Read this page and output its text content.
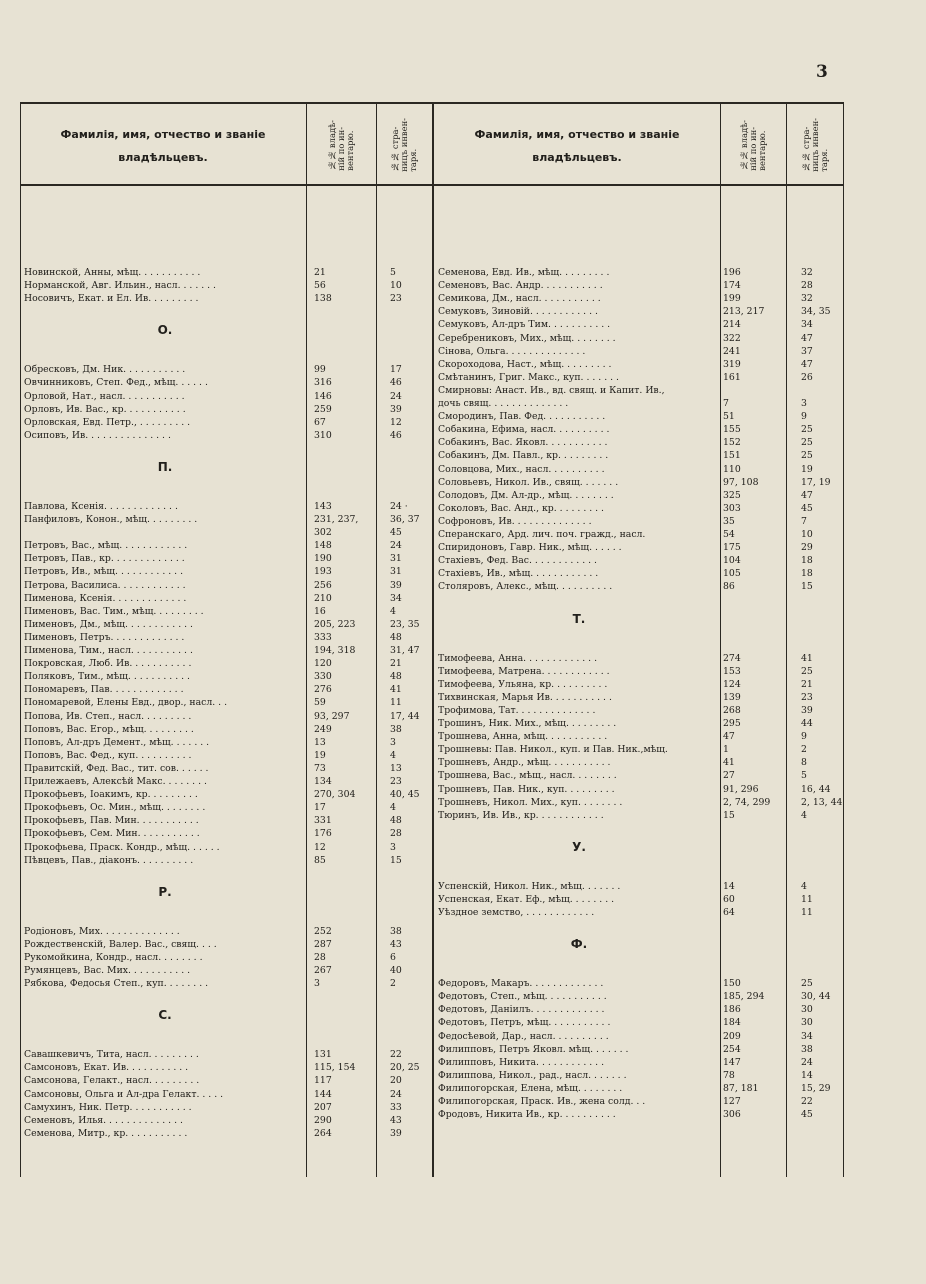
3
Фамилія, имя, отчество и званіе
владѣльцевъ.	№№ владѣ-
ній по ин-
вентарю.	№№ стра-
ницъ инвен-
таря.
Фамилія, имя, отчество и званіе
владѣльцевъ.	№№ владѣ-
ній по ин-
вентарю.	№№ стра-
ницъ инвен-
таря.
Новинской, Анны, мѣщ. . . . . . . . . . .	21	5
Норманской, Авг. Ильин., насл. . . . . . .	56	10
Носовичъ, Екат. и Ел. Ив. . . . . . . . .	138	23
О.
Обресковъ, Дм. Ник. . . . . . . . . . .	99	17
Овчинниковъ, Степ. Фед., мѣщ. . . . . .	316	46
Орловой, Нат., насл. . . . . . . . . . .	146	24
Орловъ, Ив. Вас., кр. . . . . . . . . . .	259	39
Орловская, Евд. Петр., . . . . . . . . .	67	12
Осиповъ, Ив. . . . . . . . . . . . . . .	310	46
П.
Павлова, Ксенія. . . . . . . . . . . . .	143	24 ·
Панфиловъ, Конон., мѣщ. . . . . . . . .	231, 237,	36, 37
302	45
Петровъ, Вас., мѣщ. . . . . . . . . . . .	148	24
Петровъ, Пав., кр. . . . . . . . . . . . .	190	31
Петровъ, Ив., мѣщ. . . . . . . . . . . .	193	31
Петрова, Василиса. . . . . . . . . . . .	256	39
Пименова, Ксенія. . . . . . . . . . . . .	210	34
Пименовъ, Вас. Тим., мѣщ. . . . . . . . .	16	4
Пименовъ, Дм., мѣщ. . . . . . . . . . . .	205, 223	23, 35
Пименовъ, Петръ. . . . . . . . . . . . .	333	48
Пименова, Тим., насл. . . . . . . . . . .	194, 318	31, 47
Покровская, Люб. Ив. . . . . . . . . . .	120	21
Поляковъ, Тим., мѣщ. . . . . . . . . . .	330	48
Пономаревъ, Пав. . . . . . . . . . . . .	276	41
Пономаревой, Елены Евд., двор., насл. . .	59	11
Попова, Ив. Степ., насл. . . . . . . . .	93, 297	17, 44
Поповъ, Вас. Егор., мѣщ. . . . . . . . .	249	38
Поповъ, Ал-дръ Демент., мѣщ. . . . . . .	13	3
Поповъ, Вас. Фед., куп. . . . . . . . . .	19	4
Правитскій, Фед. Вас., тит. сов. . . . . .	73	13
Прилежаевъ, Алексѣй Макс. . . . . . . .	134	23
Прокофьевъ, Іоакимъ, кр. . . . . . . . .	270, 304	40, 45
Прокофьевъ, Ос. Мин., мѣщ. . . . . . . .	17	4
Прокофьевъ, Пав. Мин. . . . . . . . . . .	331	48
Прокофьевъ, Сем. Мин. . . . . . . . . . .	176	28
Прокофьева, Праск. Кондр., мѣщ. . . . . .	12	3
Пѣвцевъ, Пав., діаконъ. . . . . . . . . .	85	15
Р.
Родіоновъ, Мих. . . . . . . . . . . . . .	252	38
Рождественскій, Валер. Вас., свящ. . . .	287	43
Рукомойкина, Кондр., насл. . . . . . . .	28	6
Румянцевъ, Вас. Мих. . . . . . . . . . .	267	40
Рябкова, Федосья Степ., куп. . . . . . . .	3	2
С.
Савашкевичъ, Тита, насл. . . . . . . . .	131	22
Самсоновъ, Екат. Ив. . . . . . . . . . .	115, 154	20, 25
Самсонова, Гелакт., насл. . . . . . . . .	117	20
Самсоновы, Ольга и Ал-дра Гелакт. . . . .	144	24
Самухинъ, Ник. Петр. . . . . . . . . . .	207	33
Семеновъ, Илья. . . . . . . . . . . . . .	290	43
Семенова, Митр., кр. . . . . . . . . . .	264	39
Семенова, Евд. Ив., мѣщ. . . . . . . . .	196	32
Семеновъ, Вас. Андр. . . . . . . . . . .	174	28
Семикова, Дм., насл. . . . . . . . . . .	199	32
Семуковъ, Зиновій. . . . . . . . . . . .	213, 217	34, 35
Семуковъ, Ал-дръ Тим. . . . . . . . . . .	214	34
Серебрениковъ, Мих., мѣщ. . . . . . . .	322	47
Сінова, Ольга. . . . . . . . . . . . . .	241	37
Скороходова, Наст., мѣщ. . . . . . . . .	319	47
Смѣтанинъ, Григ. Макс., куп. . . . . . .	161	26
Смирновы: Анаст. Ив., вд. свящ. и Капит. Ив.,
дочь свящ. . . . . . . . . . . . . .	7	3
Смородинъ, Пав. Фед. . . . . . . . . . .	51	9
Собакина, Ефима, насл. . . . . . . . . .	155	25
Собакинъ, Вас. Яковл. . . . . . . . . . .	152	25
Собакинъ, Дм. Павл., кр. . . . . . . . .	151	25
Соловцова, Мих., насл. . . . . . . . . .	110	19
Соловьевъ, Никол. Ив., свящ. . . . . . .	97, 108	17, 19
Солодовъ, Дм. Ал-др., мѣщ. . . . . . . .	325	47
Соколовъ, Вас. Анд., кр. . . . . . . . .	303	45
Софроновъ, Ив. . . . . . . . . . . . . .	35	7
Сперанскаго, Ард. лич. поч. гражд., насл.	54	10
Спиридоновъ, Гавр. Ник., мѣщ. . . . . .	175	29
Стахіевъ, Фед. Вас. . . . . . . . . . . .	104	18
Стахіевъ, Ив., мѣщ. . . . . . . . . . . .	105	18
Столяровъ, Алекс., мѣщ. . . . . . . . . .	86	15
Т.
Тимофеева, Анна. . . . . . . . . . . . .	274	41
Тимофеева, Матрена. . . . . . . . . . . .	153	25
Тимофеева, Ульяна, кр. . . . . . . . . .	124	21
Тихвинская, Марья Ив. . . . . . . . . . .	139	23
Трофимова, Тат. . . . . . . . . . . . . .	268	39
Трошинъ, Ник. Мих., мѣщ. . . . . . . . .	295	44
Трошнева, Анна, мѣщ. . . . . . . . . . .	47	9
Трошневы: Пав. Никол., куп. и Пав. Ник.,мѣщ.	1	2
Трошневъ, Андр., мѣщ. . . . . . . . . . .	41	8
Трошнева, Вас., мѣщ., насл. . . . . . . .	27	5
Трошневъ, Пав. Ник., куп. . . . . . . . .	91, 296	16, 44
Трошневъ, Никол. Мих., куп. . . . . . . .	2, 74, 299	2, 13, 44
Тюринъ, Ив. Ив., кр. . . . . . . . . . . .	15	4
У.
Успенскій, Никол. Ник., мѣщ. . . . . . .	14	4
Успенская, Екат. Еф., мѣщ. . . . . . . .	60	11
Уѣздное земство, . . . . . . . . . . . .	64	11
Ф.
Федоровъ, Макаръ. . . . . . . . . . . . .	150	25
Федотовъ, Степ., мѣщ. . . . . . . . . . .	185, 294	30, 44
Федотовъ, Даніилъ. . . . . . . . . . . . .	186	30
Федотовъ, Петръ, мѣщ. . . . . . . . . . .	184	30
Федосѣевой, Дар., насл. . . . . . . . . .	209	34
Филипповъ, Петръ Яковл. мѣщ. . . . . . .	254	38
Филипповъ, Никита. . . . . . . . . . . .	147	24
Филиппова, Никол., рад., насл. . . . . . .	78	14
Филипогорская, Елена, мѣщ. . . . . . . .	87, 181	15, 29
Филипогорская, Праск. Ив., жена солд. . .	127	22
Фродовъ, Никита Ив., кр. . . . . . . . . .	306	45
